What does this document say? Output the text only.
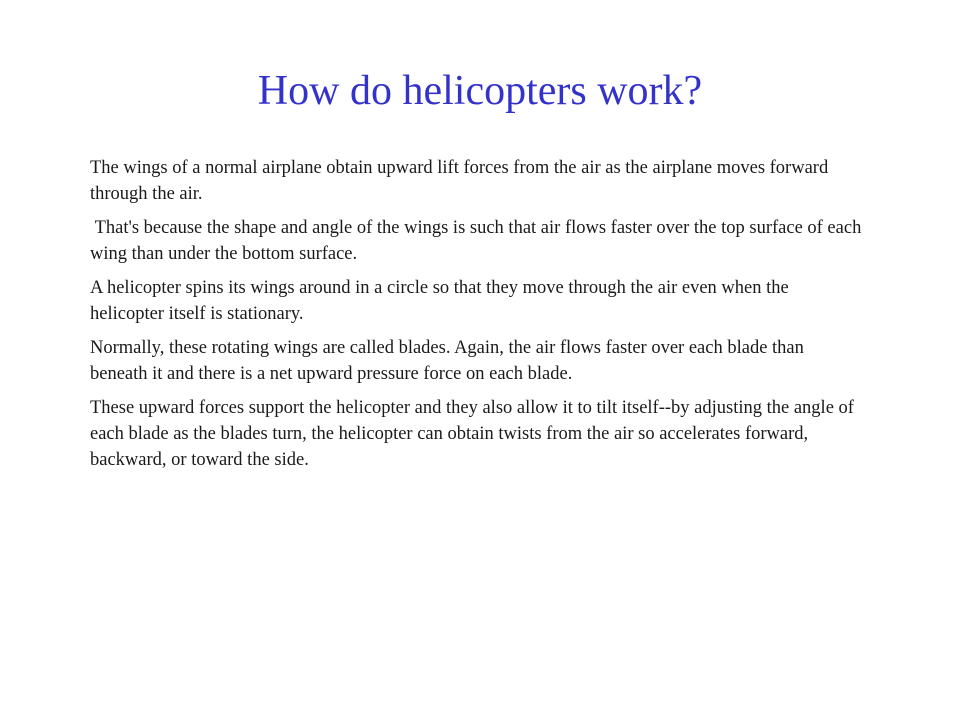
How do helicopters work?

The wings of a normal airplane obtain upward lift forces from the air as the airplane moves forward through the air.

That's because the shape and angle of the wings is such that air flows faster over the top surface of each wing than under the bottom surface.

A helicopter spins its wings around in a circle so that they move through the air even when the helicopter itself is stationary.

Normally, these rotating wings are called blades. Again, the air flows faster over each blade than beneath it and there is a net upward pressure force on each blade.

These upward forces support the helicopter and they also allow it to tilt itself--by adjusting the angle of each blade as the blades turn, the helicopter can obtain twists from the air so accelerates forward, backward, or toward the side.
